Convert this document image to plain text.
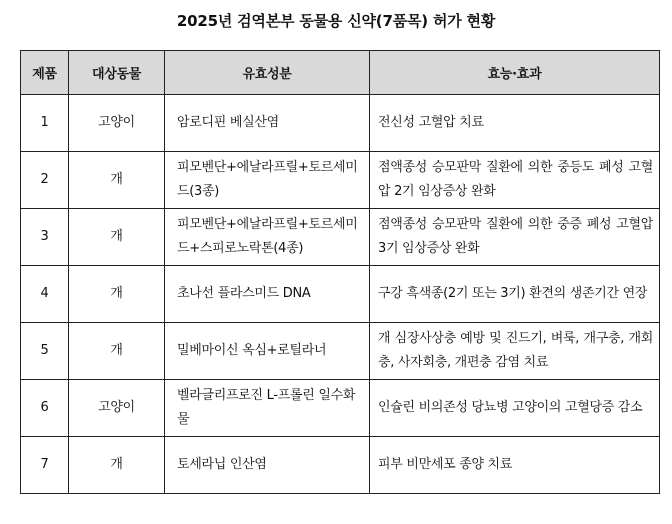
2025년 검역본부 동물용 신약(7품목) 허가 현황
제품	대상동물	유효성분	효능·효과
1	고양이	암로디핀 베실산염	전신성 고혈압 치료
2	개	피모벤단+에날라프릴+토르세미드(3종)	점액종성 승모판막 질환에 의한 중등도 폐성 고혈압 2기 임상증상 완화
3	개	피모벤단+에날라프릴+토르세미드+스피로노락톤(4종)	점액종성 승모판막 질환에 의한 중증 폐성 고혈압 3기 임상증상 완화
4	개	초나선 플라스미드 DNA	구강 흑색종(2기 또는 3기) 환견의 생존기간 연장
5	개	밀베마이신 옥심+로틸라너	개 심장사상충 예방 및 진드기, 벼룩, 개구충, 개회충, 사자회충, 개편충 감염 치료
6	고양이	벨라글리프로진 L-프롤린 일수화물	인슐린 비의존성 당뇨병 고양이의 고혈당증 감소
7	개	토세라닙 인산염	피부 비만세포 종양 치료
